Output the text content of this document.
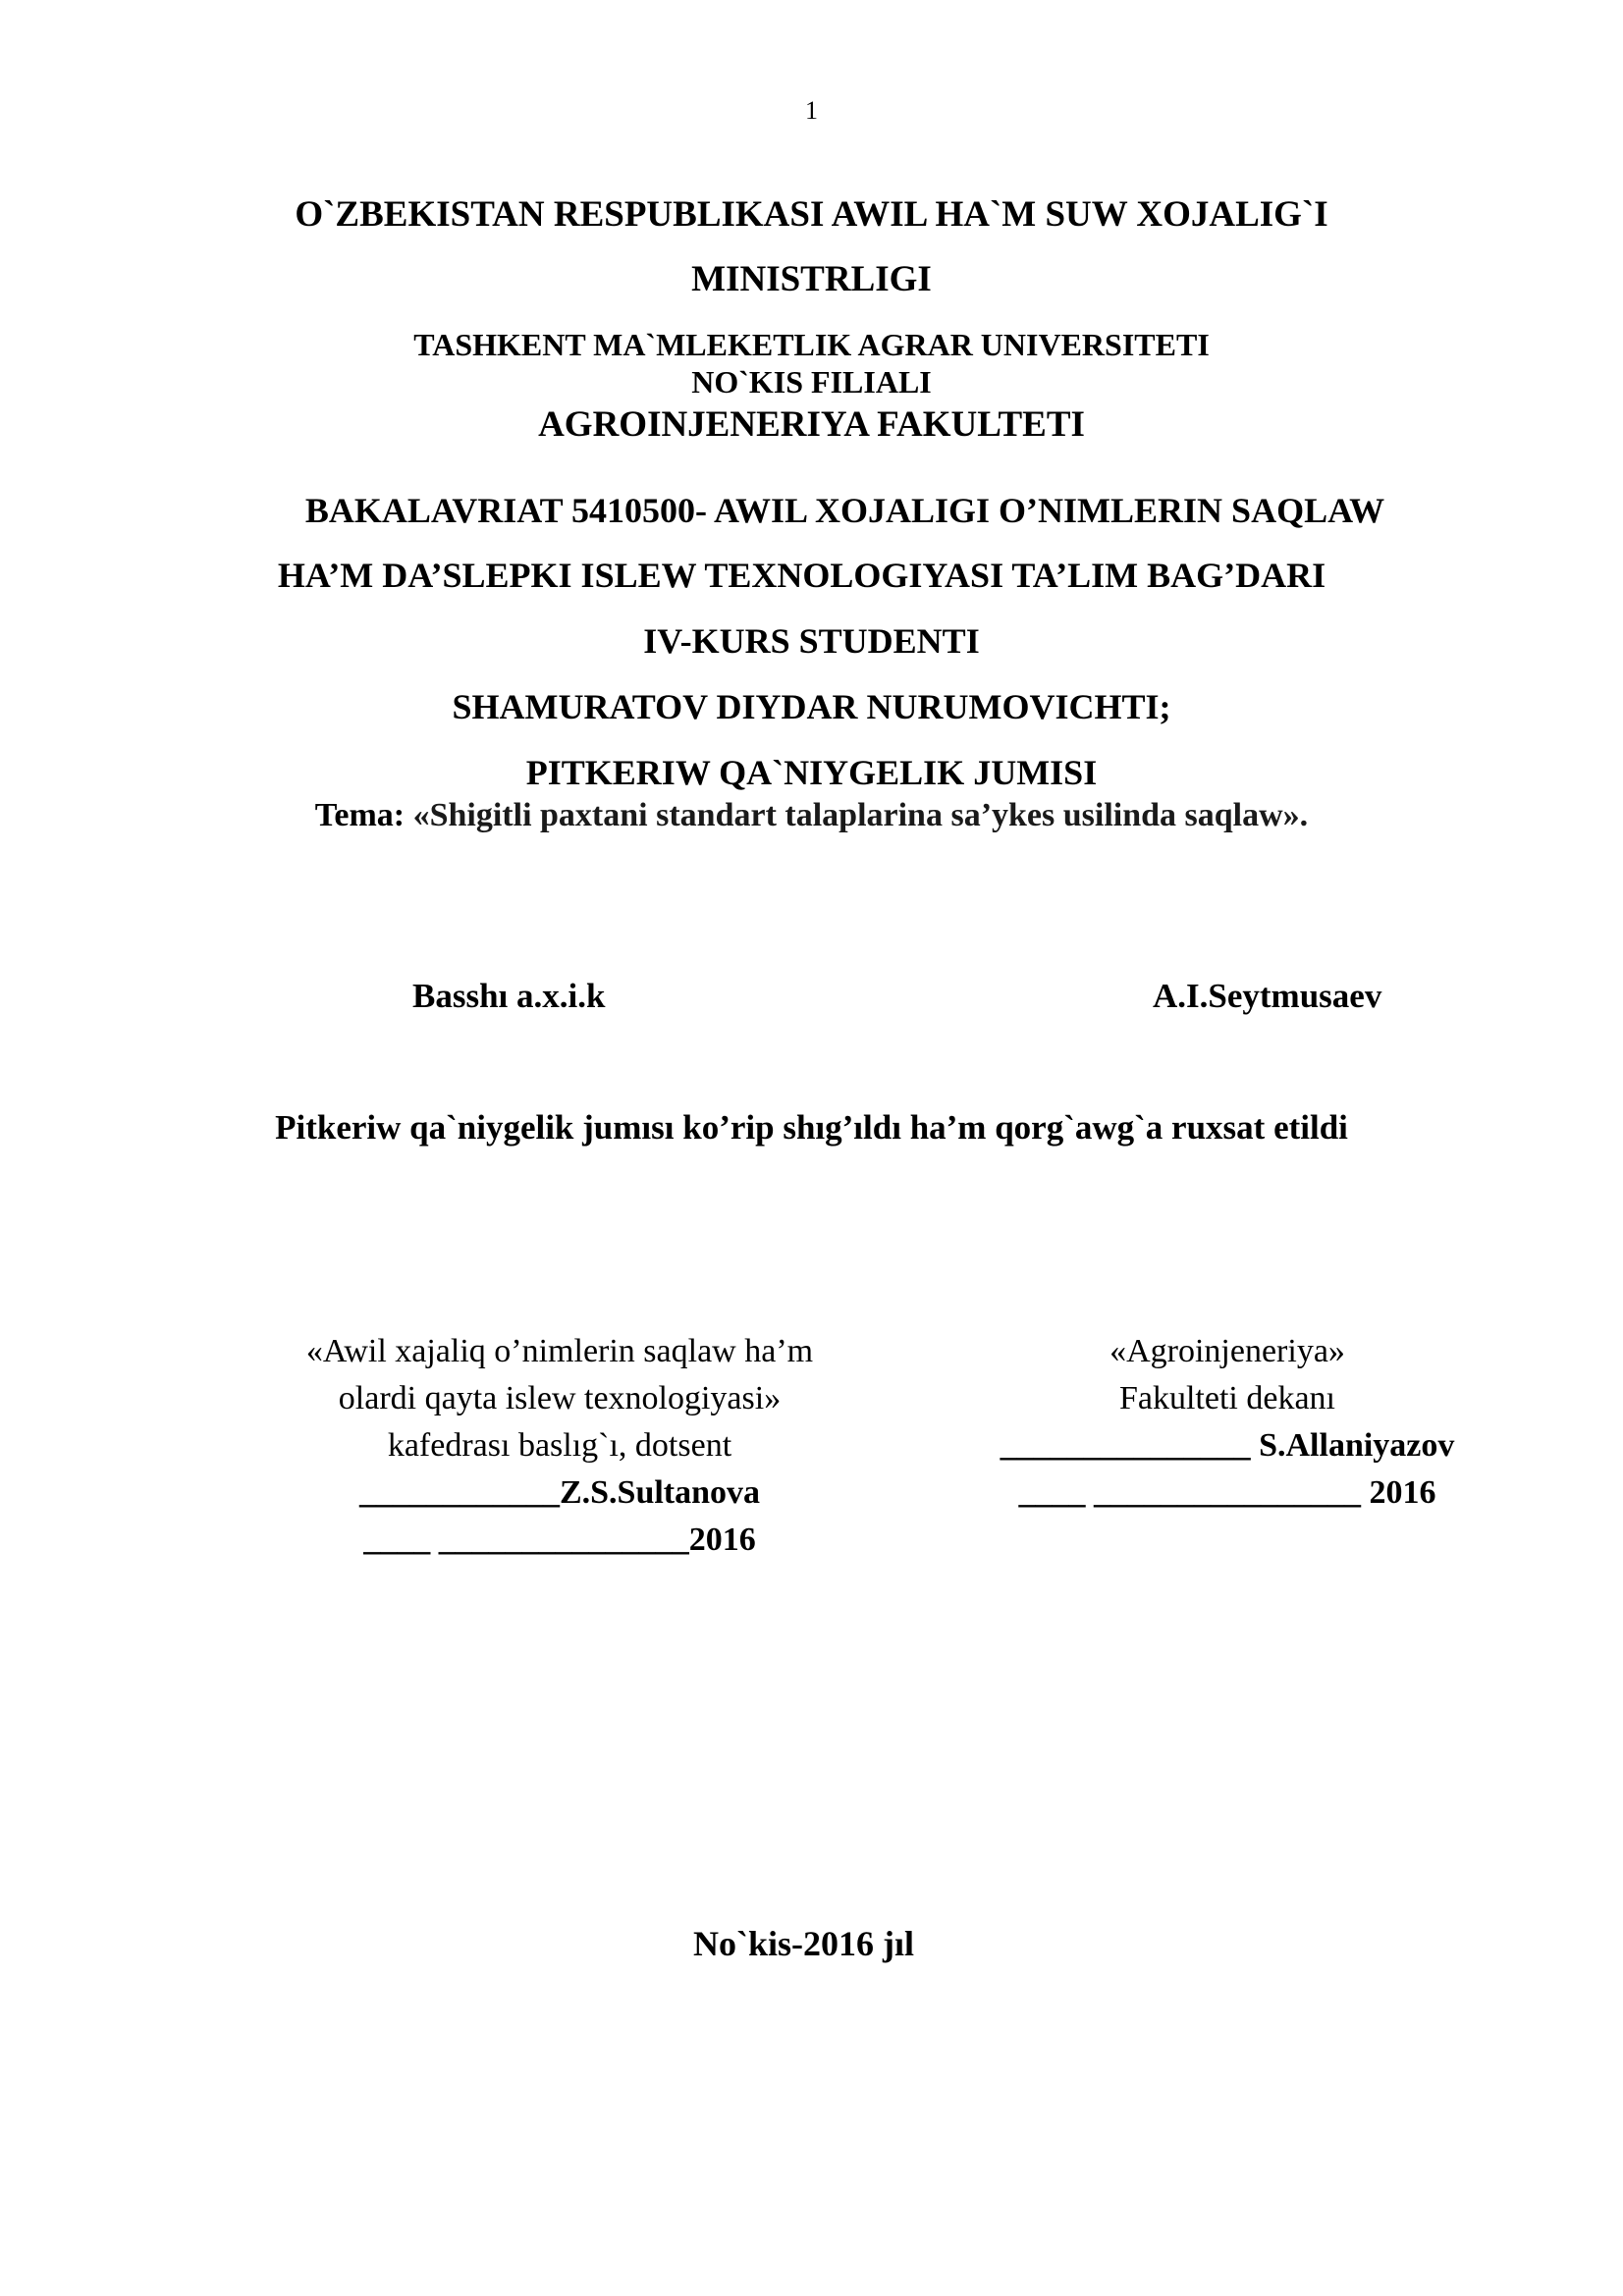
1
O`ZBEKISTAN RESPUBLIKASI AWIL HA`M SUW XOJALIG`I
MINISTRLIGI
TASHKENT MA`MLEKETLIK AGRAR UNIVERSITETI
NO`KIS FILIALI
AGROINJENERIYA FAKULTETI
BAKALAVRIAT 5410500- AWIL XOJALIGI O’NIMLERIN SAQLAW
HA’M DA’SLEPKI ISLEW TEXNOLOGIYASI TA’LIM BAG’DARI
IV-KURS STUDENTI
SHAMURATOV DIYDAR NURUMOVICHTI;
PITKERIW QA`NIYGELIK JUMISI
Tema: «Shigitli paxtani standart talaplarina sa’ykes usilinda saqlaw».
Basshı a.x.i.k	A.I.Seytmusaev
Pitkeriw qa`niygelik jumısı ko’rip shıg’ıldı ha’m qorg`awg`a ruxsat etildi
«Awil xajaliq o’nimlerin saqlaw ha’m
olardi qayta islew texnologiyasi»
kafedrası baslıg`ı, dotsent
____________Z.S.Sultanova
____ _______________2016
«Agroinjeneriya»
Fakulteti dekanı
_______________ S.Allaniyazov
____ ________________ 2016
No`kis-2016 jıl
